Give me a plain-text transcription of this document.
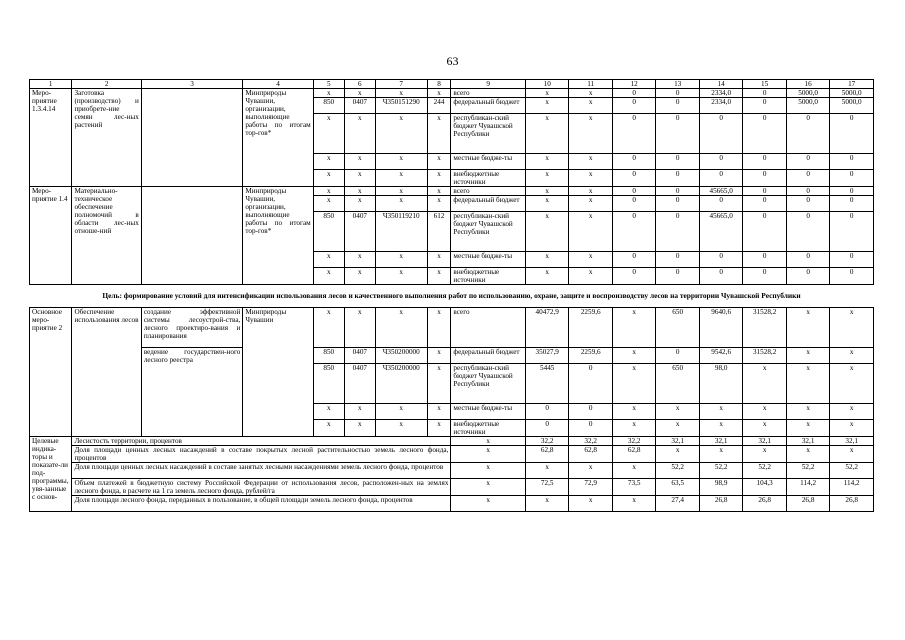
63
1	2	3	4	5	6	7	8	9	10	11	12	13	14	15	16	17
Меро-приятие 1.3.4.14	Заготовка (производство) и приобрете-ние семян лес-ных растений		Минприроды Чувашии, организации, выполняющие работы по итогам тор-гов*	x	x	x	x	всего	x	x	0	0	2334,0	0	5000,0	5000,0
				850	0407	Ч350151290	244	федеральный бюджет	x	x	0	0	2334,0	0	5000,0	5000,0
				x	x	x	x	республикан-ский бюджет Чувашской Республики	x	x	0	0	0	0	0	0
				x	x	x	x	местные бюдже-ты	x	x	0	0	0	0	0	0
				x	x	x	x	внебюджетные источники	x	x	0	0	0	0	0	0
Меро-приятие 1.4	Материально-техническое обеспечение полномочий в области лес-ных отноше-ний		Минприроды Чувашии, организации, выполняющие работы по итогам тор-гов*	x	x	x	x	всего	x	x	0	0	45665,0	0	0	0
				x	x	x	x	федеральный бюджет	x	x	0	0	0	0	0	0
				850	0407	Ч350119210	612	республикан-ский бюджет Чувашской Республики	x	x	0	0	45665,0	0	0	0
				x	x	x	x	местные бюдже-ты	x	x	0	0	0	0	0	0
				x	x	x	x	внебюджетные источники	x	x	0	0	0	0	0	0
Цель: формирование условий для интенсификации использования лесов и качественного выполнения работ по использованию, охране, защите и воспроизводству лесов на территории Чувашской Республики																
Основное меро-приятие 2	Обеспечение использования лесов	создание эффективной системы лесоустрой-ства, лесного проектиро-вания и планирования	Минприроды Чувашии	x	x	x	x	всего	40472,9	2259,6	x	650	9640,6	31528,2	x	x
		ведение государствен-ного лесного реестра		850	0407	Ч350200000	x	федеральный бюджет	35027,9	2259,6	x	0	9542,6	31528,2	x	x
				850	0407	Ч350200000	x	республикан-ский бюджет Чувашской Республики	5445	0	x	650	98,0	x	x	x
				x	x	x	x	местные бюдже-ты	0	0	x	x	x	x	x	x
				x	x	x	x	внебюджетные источники	0	0	x	x	x	x	x	x
Целевые индика-торы и показате-ли под-программы, увя-занные с основ-	Лесистость территории, процентов							x	32,2	32,2	32,2	32,1	32,1	32,1	32,1	32,1
	Доля площади ценных лесных насаждений в составе покрытых лесной растительностью земель лесного фонда, процентов							x	62,8	62,8	62,8	x	x	x	x	x
	Доля площади ценных лесных насаждений в составе занятых лесными насаждениями земель лесного фонда, процентов							x	x	x	x	52,2	52,2	52,2	52,2	52,2
	Объем платежей в бюджетную систему Российской Федерации от использования лесов, расположен-ных на землях лесного фонда, в расчете на 1 га земель лесного фонда, рублей/га							x	72,5	72,9	73,5	63,5	98,9	104,3	114,2	114,2
	Доля площади лесного фонда, переданных в пользование, в общей площади земель лесного фонда, процентов							x	x	x	x	27,4	26,8	26,8	26,8	26,8
